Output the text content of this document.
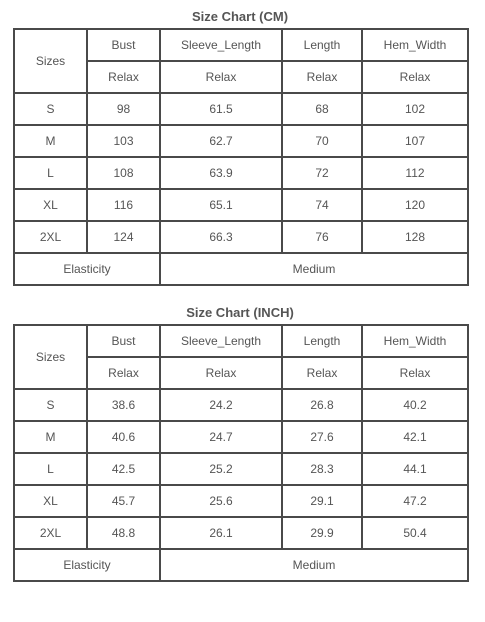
Size Chart (CM)
Sizes	Bust	Sleeve_Length	Length	Hem_Width
	Relax	Relax	Relax	Relax
S	98	61.5	68	102
M	103	62.7	70	107
L	108	63.9	72	112
XL	116	65.1	74	120
2XL	124	66.3	76	128
Elasticity		Medium		
Size Chart (INCH)
Sizes	Bust	Sleeve_Length	Length	Hem_Width
	Relax	Relax	Relax	Relax
S	38.6	24.2	26.8	40.2
M	40.6	24.7	27.6	42.1
L	42.5	25.2	28.3	44.1
XL	45.7	25.6	29.1	47.2
2XL	48.8	26.1	29.9	50.4
Elasticity		Medium		
